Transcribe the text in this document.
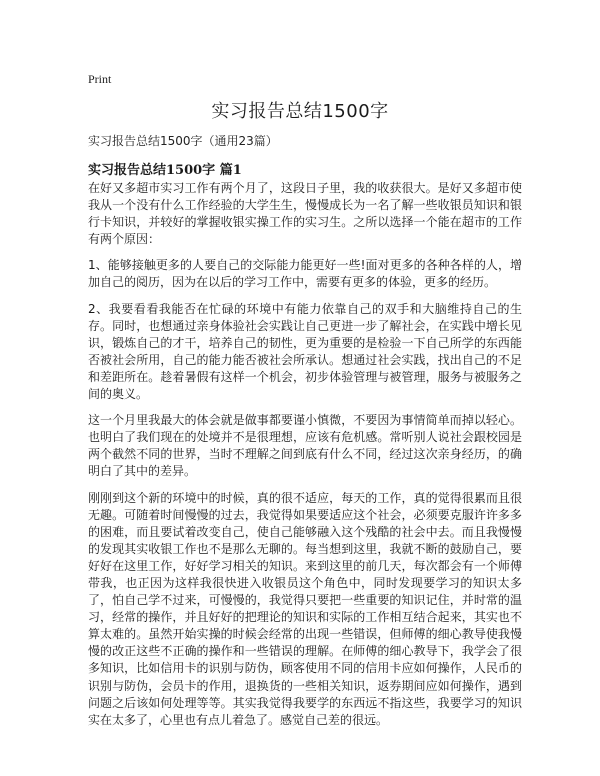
Print
实习报告总结1500字
实习报告总结1500字（通用23篇）
实习报告总结1500字 篇1

在好又多超市实习工作有两个月了，这段日子里，我的收获很大。是好又多超市使我从一个没有什么工作经验的大学生生，慢慢成长为一名了解一些收银员知识和银行卡知识，并较好的掌握收银实操工作的实习生。之所以选择一个能在超市的工作有两个原因：

1、能够接触更多的人要自己的交际能力能更好一些!面对更多的各种各样的人，增加自己的阅历，因为在以后的学习工作中，需要有更多的体验，更多的经历。

2、我要看看我能否在忙碌的环境中有能力依靠自己的双手和大脑维持自己的生存。同时，也想通过亲身体验社会实践让自己更进一步了解社会，在实践中增长见识，锻炼自己的才干，培养自己的韧性，更为重要的是检验一下自己所学的东西能否被社会所用，自己的能力能否被社会所承认。想通过社会实践，找出自己的不足和差距所在。趁着暑假有这样一个机会，初步体验管理与被管理，服务与被服务之间的奥义。

这一个月里我最大的体会就是做事都要谨小慎微，不要因为事情简单而掉以轻心。也明白了我们现在的处境并不是很理想，应该有危机感。常听别人说社会跟校园是两个截然不同的世界，当时不理解之间到底有什么不同，经过这次亲身经历，的确明白了其中的差异。

刚刚到这个新的环境中的时候，真的很不适应，每天的工作，真的觉得很累而且很无趣。可随着时间慢慢的过去，我觉得如果要适应这个社会，必须要克服许许多多的困难，而且要试着改变自己，使自己能够融入这个残酷的社会中去。而且我慢慢的发现其实收银工作也不是那么无聊的。每当想到这里，我就不断的鼓励自己，要好好在这里工作，好好学习相关的知识。来到这里的前几天，每次都会有一个师傅带我，也正因为这样我很快进入收银员这个角色中，同时发现要学习的知识太多了，怕自己学不过来，可慢慢的，我觉得只要把一些重要的知识记住，并时常的温习，经常的操作，并且好好的把理论的知识和实际的工作相互结合起来，其实也不算太难的。虽然开始实操的时候会经常的出现一些错误，但师傅的细心教导使我慢慢的改正这些不正确的操作和一些错误的理解。在师傅的细心教导下，我学会了很多知识，比如信用卡的识别与防伪，顾客使用不同的信用卡应如何操作，人民币的识别与防伪，会员卡的作用，退换货的一些相关知识，返券期间应如何操作，遇到问题之后该如何处理等等。其实我觉得我要学的东西远不指这些，我要学习的知识实在太多了，心里也有点儿着急了。感觉自己差的很远。
